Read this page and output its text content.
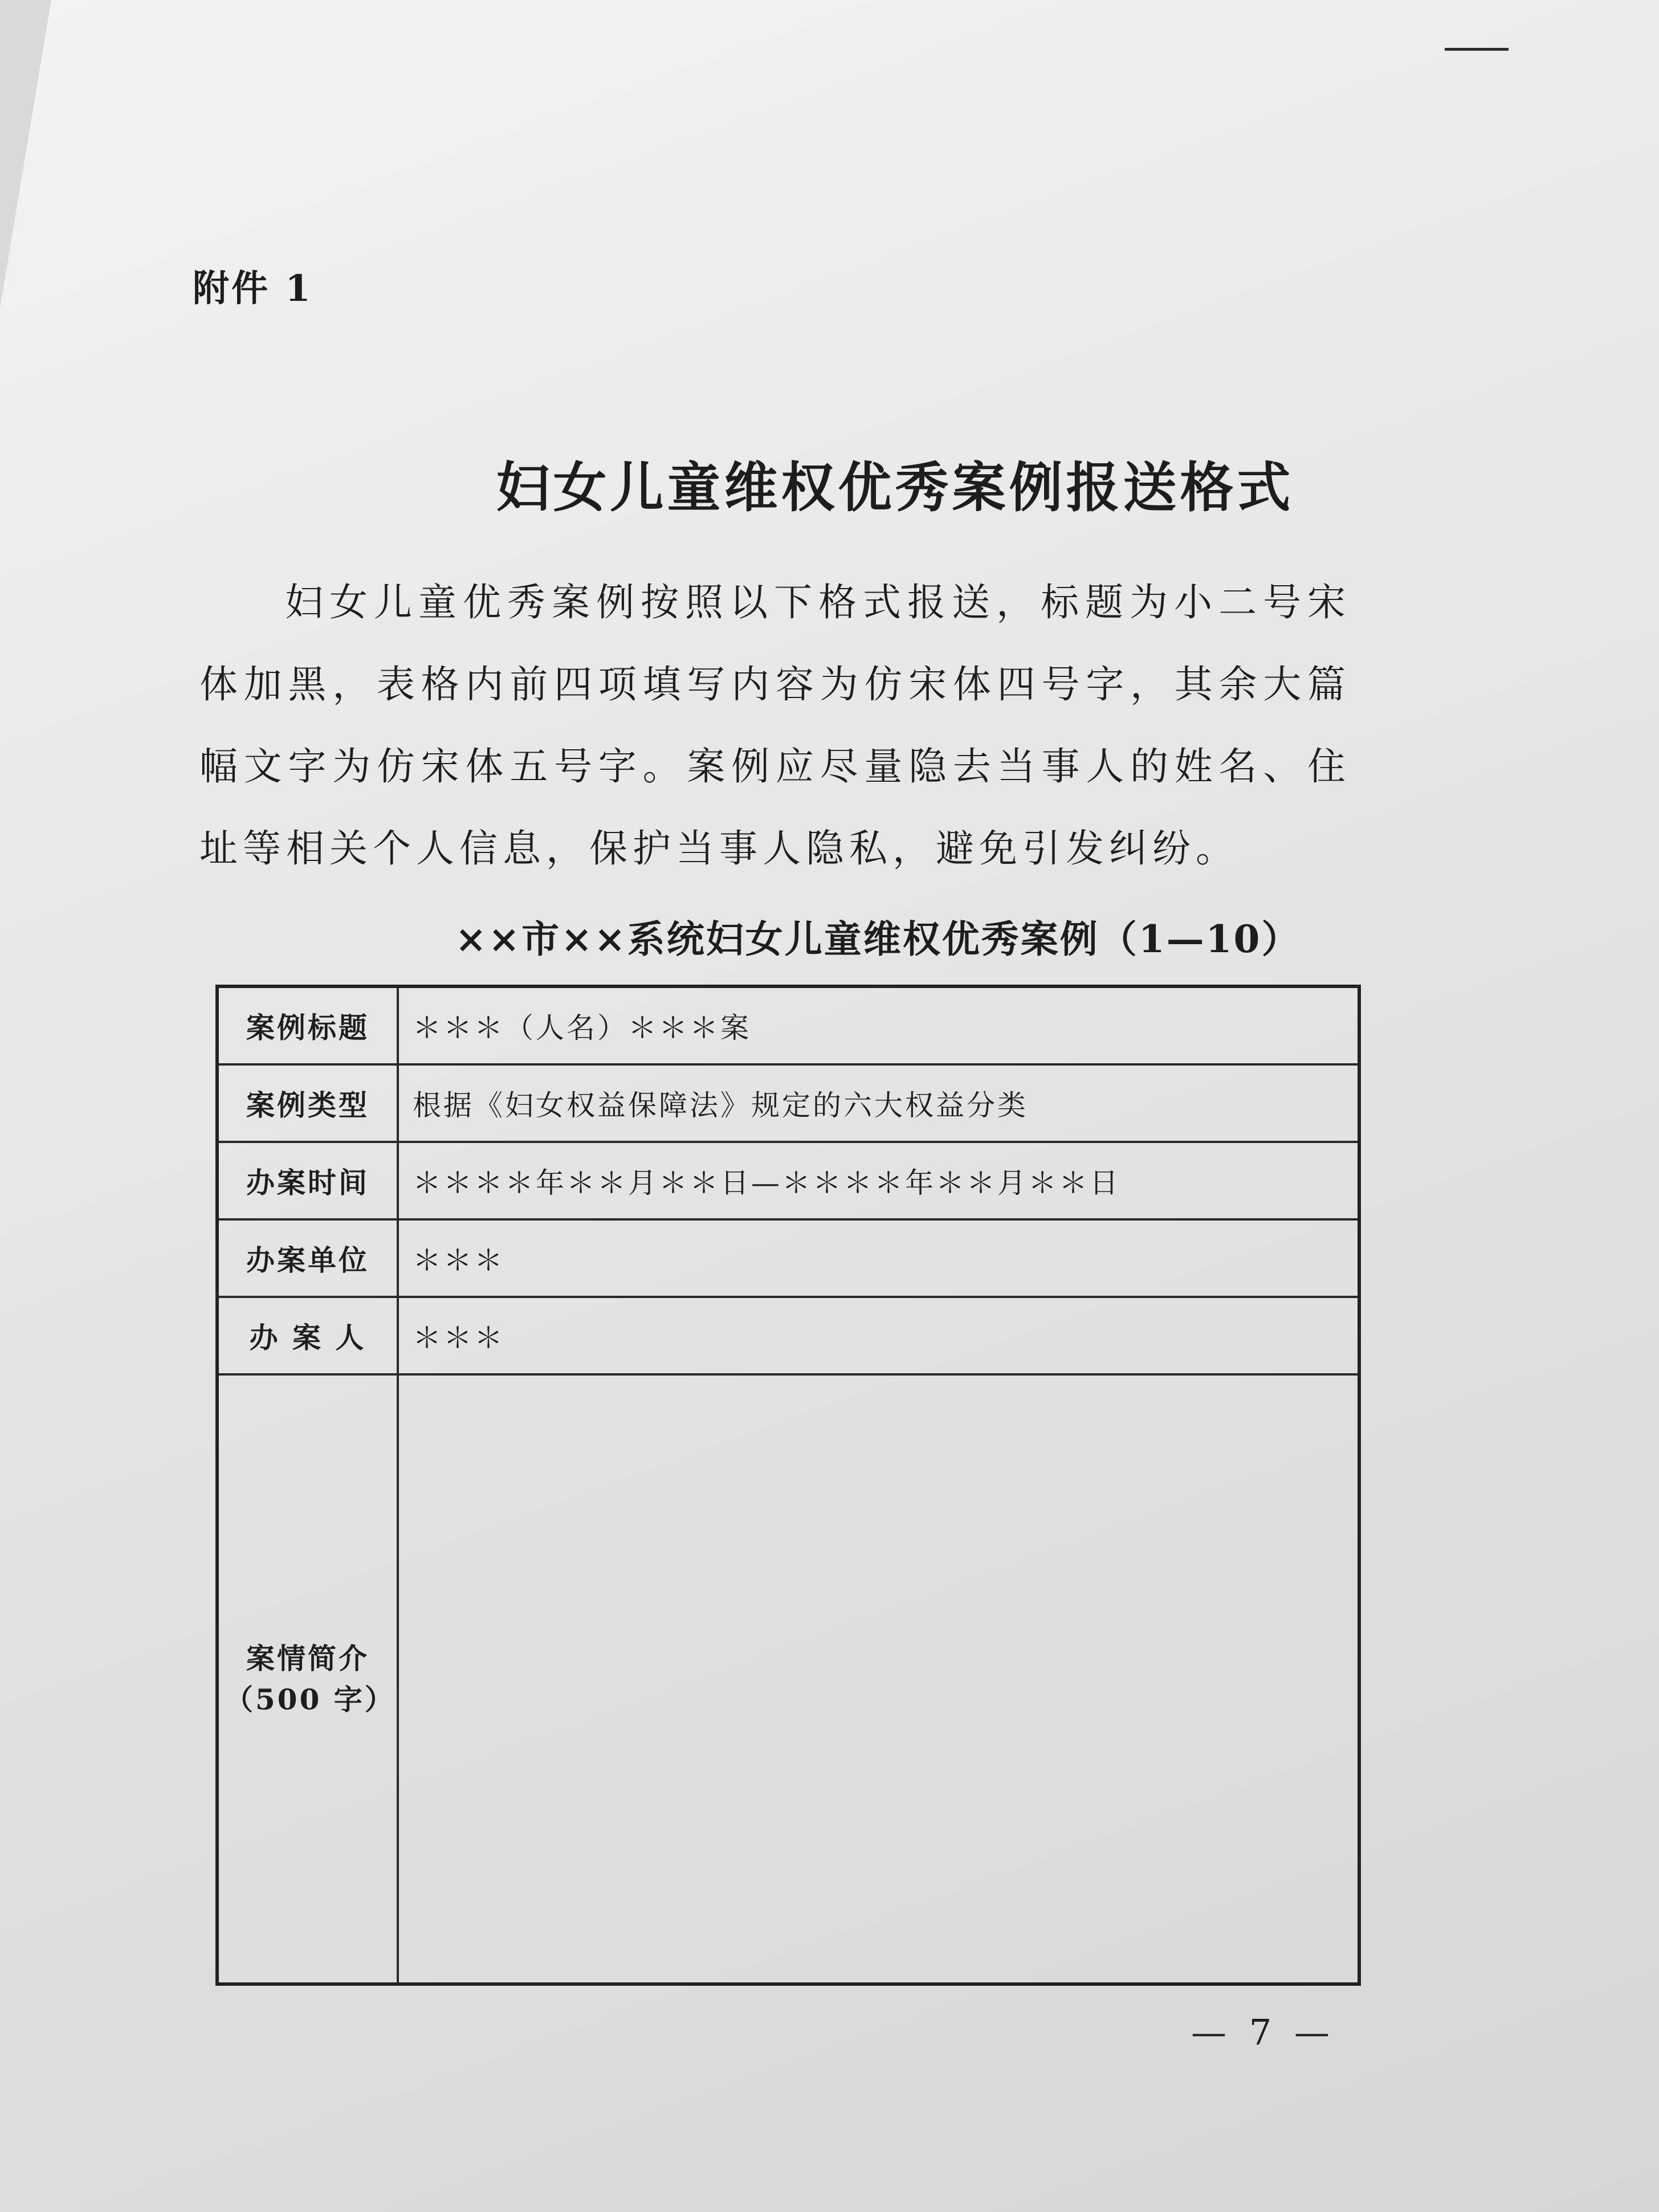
附件 1
妇女儿童维权优秀案例报送格式
妇女儿童优秀案例按照以下格式报送，标题为小二号宋体加黑，表格内前四项填写内容为仿宋体四号字，其余大篇幅文字为仿宋体五号字。案例应尽量隐去当事人的姓名、住址等相关个人信息，保护当事人隐私，避免引发纠纷。
××市××系统妇女儿童维权优秀案例（1—10）
案例标题	＊＊＊（人名）＊＊＊案
案例类型	根据《妇女权益保障法》规定的六大权益分类
办案时间	＊＊＊＊年＊＊月＊＊日—＊＊＊＊年＊＊月＊＊日
办案单位	＊＊＊
办 案 人	＊＊＊

案情简介
（500 字）	

— 7 —
